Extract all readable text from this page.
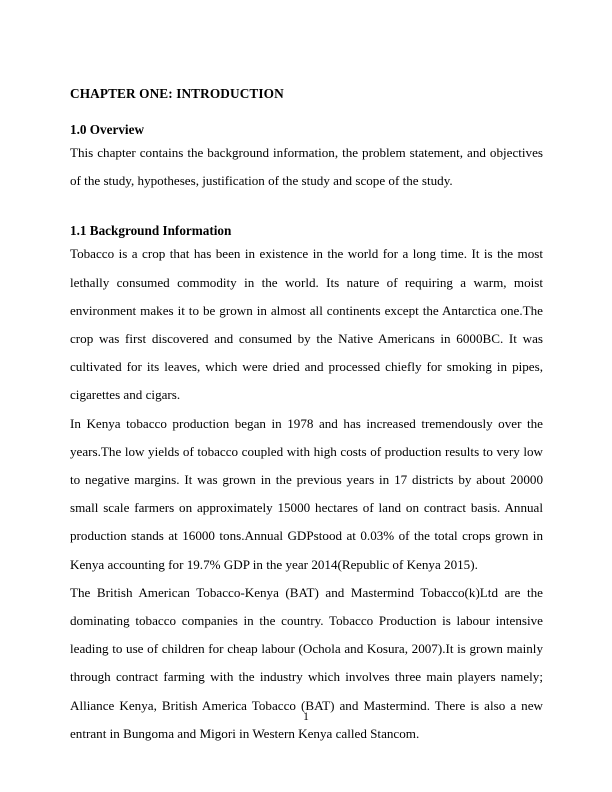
CHAPTER ONE: INTRODUCTION
1.0 Overview

This chapter contains the background information, the problem statement, and objectives of the study, hypotheses, justification of the study and scope of the study.

1.1 Background Information

Tobacco is a crop that has been in existence in the world for a long time. It is the most lethally consumed commodity in the world. Its nature of requiring a warm, moist environment makes it to be grown in almost all continents except the Antarctica one.The crop was first discovered and consumed by the Native Americans in 6000BC. It was cultivated for its leaves, which were dried and processed chiefly for smoking in pipes, cigarettes and cigars.

In Kenya tobacco production began in 1978 and has increased tremendously over the years.The low yields of tobacco coupled with high costs of production results to very low to negative margins. It was grown in the previous years in 17 districts by about 20000 small scale farmers on approximately 15000 hectares of land on contract basis. Annual production stands at 16000 tons.Annual GDPstood at 0.03% of the total crops grown in Kenya accounting for 19.7% GDP in the year 2014(Republic of Kenya 2015).

The British American Tobacco-Kenya (BAT) and Mastermind Tobacco(k)Ltd are the dominating tobacco companies in the country. Tobacco Production is labour intensive leading to use of children for cheap labour (Ochola and Kosura, 2007).It is grown mainly through contract farming with the industry which involves three main players namely; Alliance Kenya, British America Tobacco (BAT) and Mastermind. There is also a new entrant in Bungoma and Migori in Western Kenya called Stancom.

1
